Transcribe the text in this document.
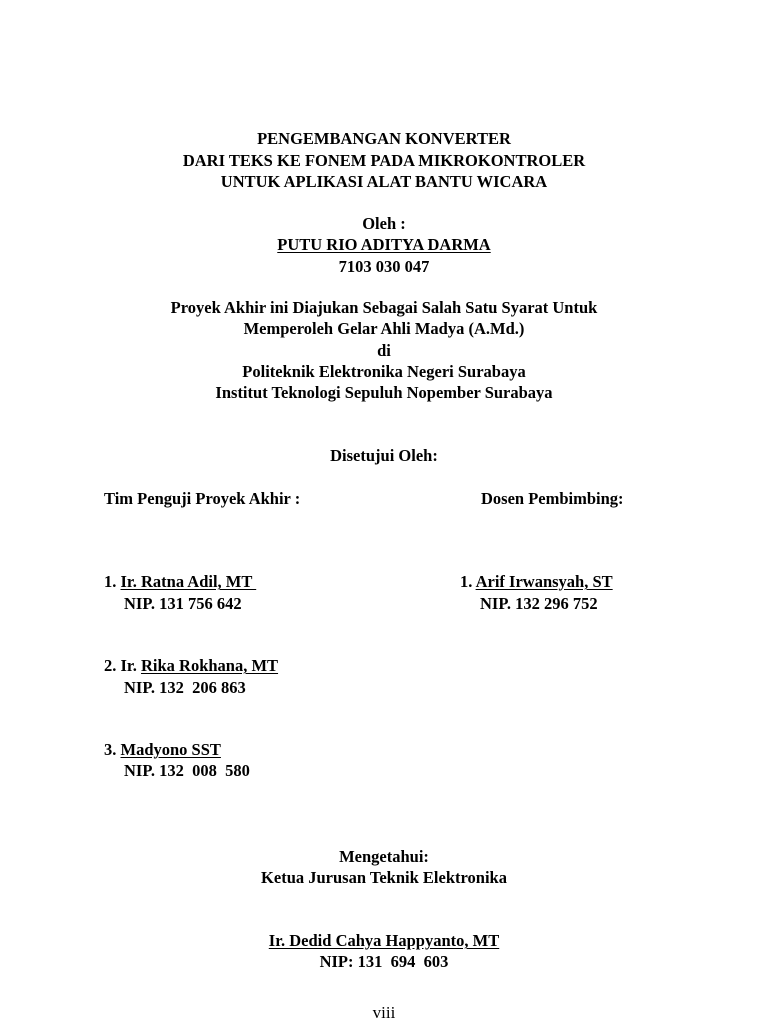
PENGEMBANGAN KONVERTER
DARI TEKS KE FONEM PADA MIKROKONTROLER
UNTUK APLIKASI ALAT BANTU WICARA
Oleh :
PUTU RIO ADITYA DARMA
7103 030 047
Proyek Akhir ini Diajukan Sebagai Salah Satu Syarat Untuk
Memperoleh Gelar Ahli Madya (A.Md.)
di
Politeknik Elektronika Negeri Surabaya
Institut Teknologi Sepuluh Nopember Surabaya
Disetujui Oleh:
Tim Penguji Proyek Akhir :	Dosen Pembimbing:
1. Ir. Ratna Adil, MT
NIP. 131 756 642
1. Arif Irwansyah, ST
NIP. 132 296 752
2. Ir. Rika Rokhana, MT
NIP. 132  206 863
3. Madyono SST
NIP. 132  008  580
Mengetahui:
Ketua Jurusan Teknik Elektronika
Ir. Dedid Cahya Happyanto, MT
NIP: 131  694  603
viii
